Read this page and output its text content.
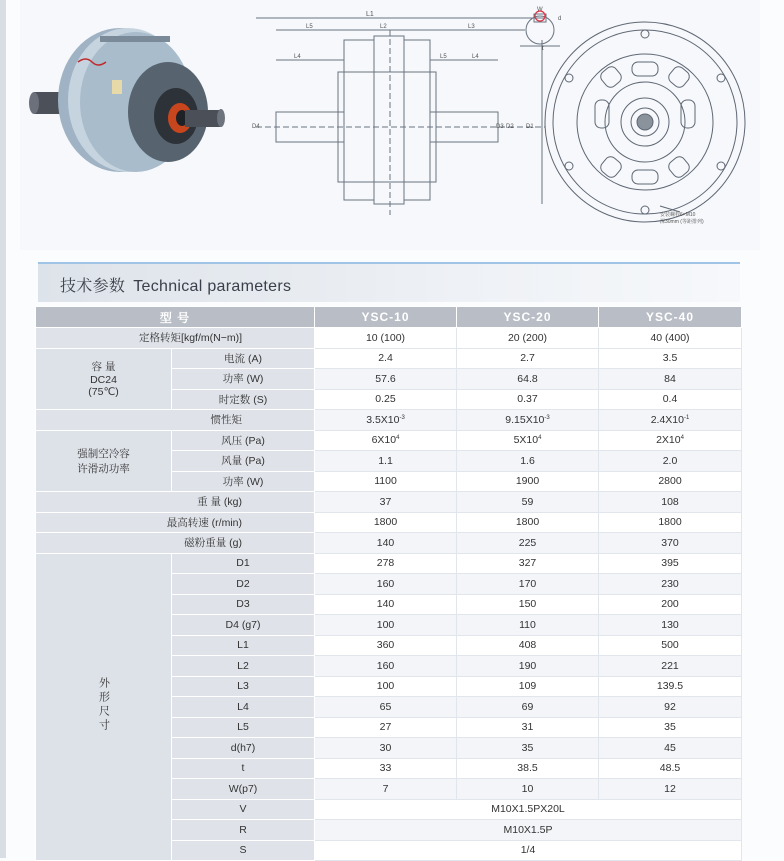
L1
L5	L2	L3
L4	L5	L4
D4	D3 D2 D1
W
t
d
安装螺栓6×M10
深30mm (等距排列)
技术参数 Technical parameters
型 号		YSC-10	YSC-20	YSC-40
定格转矩[kgf/m(N−m)]		10 (100)	20 (200)	40 (400)

容 量
DC24
(75℃)	电流 (A)	2.4	2.7	3.5
	功率 (W)	57.6	64.8	84
	时定数 (S)	0.25	0.37	0.4
惯性矩		$3.5X10^{-3}$	$9.15X10^{-3}$	$2.4X10^{-1}$

强制空冷容
许滑动功率	风压 (Pa)	$6X10^4$	$5X10^4$	$2X10^4$
	风量 (Pa)	1.1	1.6	2.0
	功率 (W)	1100	1900	2800
重 量 (kg)		37	59	108
最高转速 (r/min)		1800	1800	1800
磁粉重量 (g)		140	225	370
外形尺寸	D1	278	327	395
	D2	160	170	230
	D3	140	150	200
	D4 (g7)	100	110	130
	L1	360	408	500
	L2	160	190	221
	L3	100	109	139.5
	L4	65	69	92
	L5	27	31	35
	d(h7)	30	35	45
	t	33	38.5	48.5
	W(p7)	7	10	12
	V	M10X1.5PX20L		
	R	M10X1.5P		
	S	1/4		
